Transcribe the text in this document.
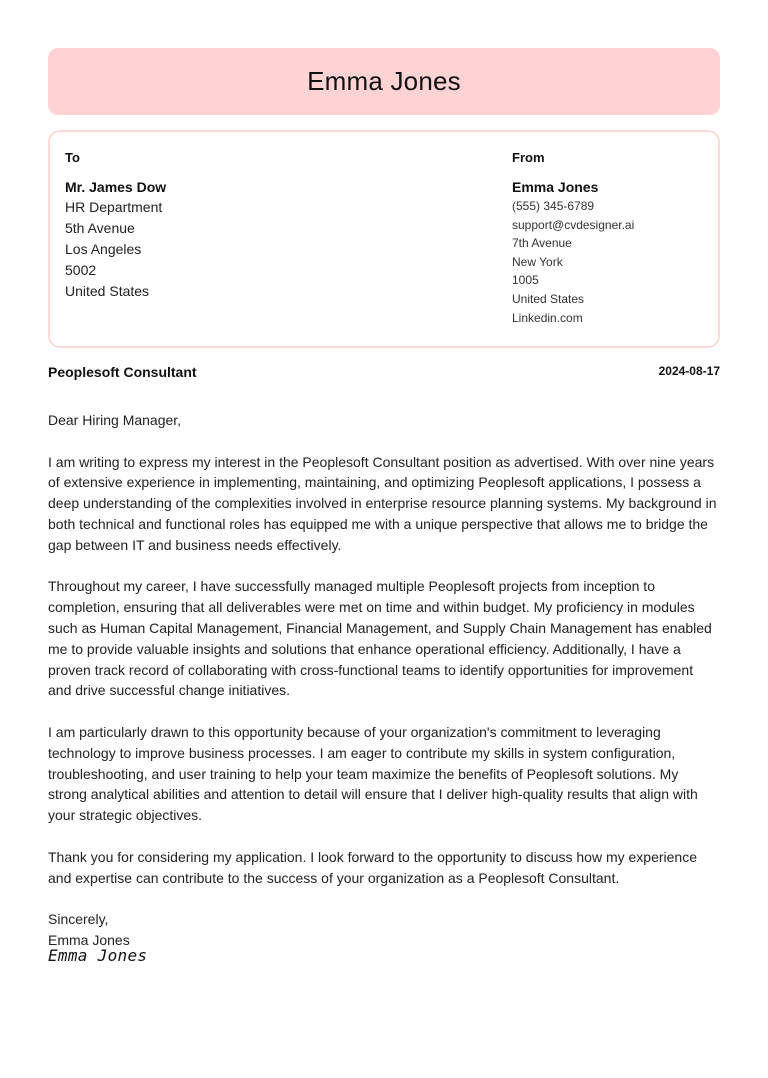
Emma Jones
To
Mr. James Dow
HR Department
5th Avenue
Los Angeles
5002
United States
From
Emma Jones
(555) 345-6789
support@cvdesigner.ai
7th Avenue
New York
1005
United States
Linkedin.com
Peoplesoft Consultant	2024-08-17

Dear Hiring Manager,

I am writing to express my interest in the Peoplesoft Consultant position as advertised. With over nine years of extensive experience in implementing, maintaining, and optimizing Peoplesoft applications, I possess a deep understanding of the complexities involved in enterprise resource planning systems. My background in both technical and functional roles has equipped me with a unique perspective that allows me to bridge the gap between IT and business needs effectively.

Throughout my career, I have successfully managed multiple Peoplesoft projects from inception to completion, ensuring that all deliverables were met on time and within budget. My proficiency in modules such as Human Capital Management, Financial Management, and Supply Chain Management has enabled me to provide valuable insights and solutions that enhance operational efficiency. Additionally, I have a proven track record of collaborating with cross-functional teams to identify opportunities for improvement and drive successful change initiatives.

I am particularly drawn to this opportunity because of your organization's commitment to leveraging technology to improve business processes. I am eager to contribute my skills in system configuration, troubleshooting, and user training to help your team maximize the benefits of Peoplesoft solutions. My strong analytical abilities and attention to detail will ensure that I deliver high-quality results that align with your strategic objectives.

Thank you for considering my application. I look forward to the opportunity to discuss how my experience and expertise can contribute to the success of your organization as a Peoplesoft Consultant.

Sincerely,
Emma Jones
Emma Jones
